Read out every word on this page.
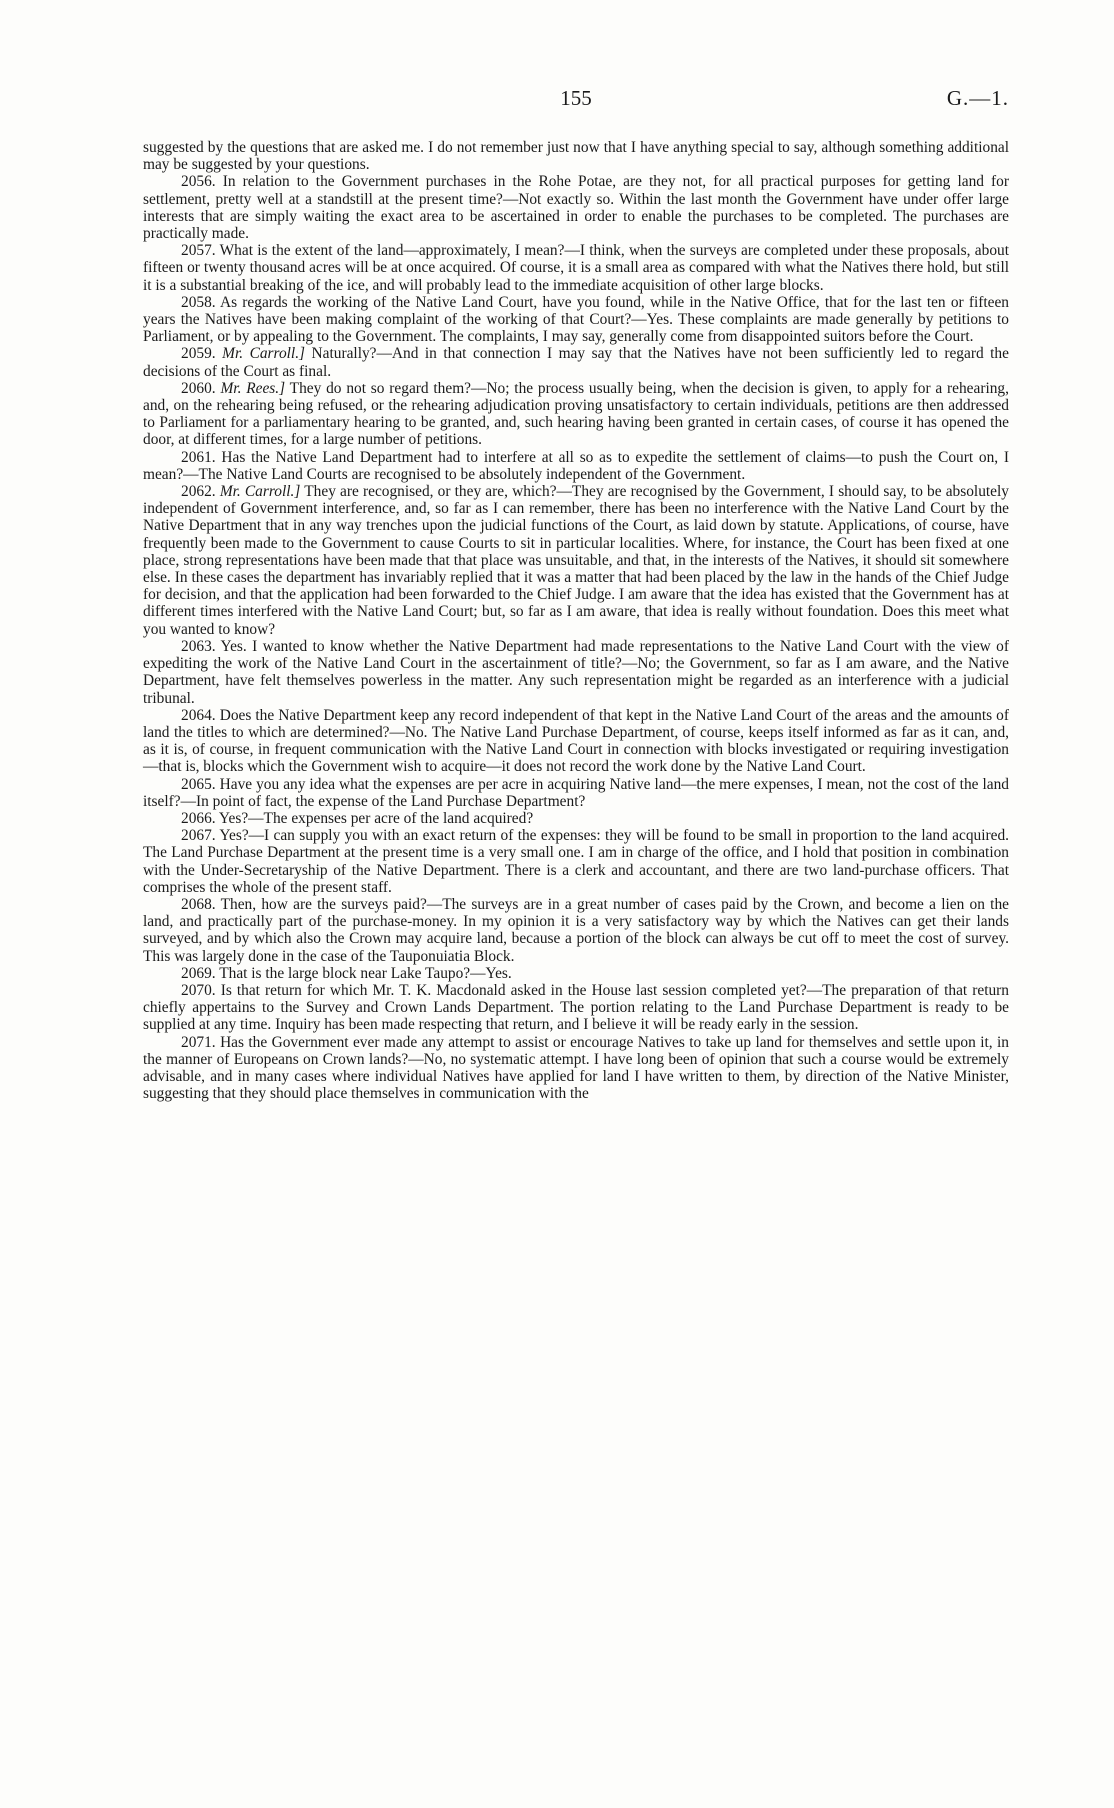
155	G.—1.

suggested by the questions that are asked me. I do not remember just now that I have anything special to say, although something additional may be suggested by your questions.

2056. In relation to the Government purchases in the Rohe Potae, are they not, for all practical purposes for getting land for settlement, pretty well at a standstill at the present time?—Not exactly so. Within the last month the Government have under offer large interests that are simply waiting the exact area to be ascertained in order to enable the purchases to be completed. The purchases are practically made.

2057. What is the extent of the land—approximately, I mean?—I think, when the surveys are completed under these proposals, about fifteen or twenty thousand acres will be at once acquired. Of course, it is a small area as compared with what the Natives there hold, but still it is a substantial breaking of the ice, and will probably lead to the immediate acquisition of other large blocks.

2058. As regards the working of the Native Land Court, have you found, while in the Native Office, that for the last ten or fifteen years the Natives have been making complaint of the working of that Court?—Yes. These complaints are made generally by petitions to Parliament, or by appealing to the Government. The complaints, I may say, generally come from disappointed suitors before the Court.

2059. Mr. Carroll.] Naturally?—And in that connection I may say that the Natives have not been sufficiently led to regard the decisions of the Court as final.

2060. Mr. Rees.] They do not so regard them?—No; the process usually being, when the decision is given, to apply for a rehearing, and, on the rehearing being refused, or the rehearing adjudication proving unsatisfactory to certain individuals, petitions are then addressed to Parliament for a parliamentary hearing to be granted, and, such hearing having been granted in certain cases, of course it has opened the door, at different times, for a large number of petitions.

2061. Has the Native Land Department had to interfere at all so as to expedite the settlement of claims—to push the Court on, I mean?—The Native Land Courts are recognised to be absolutely independent of the Government.

2062. Mr. Carroll.] They are recognised, or they are, which?—They are recognised by the Government, I should say, to be absolutely independent of Government interference, and, so far as I can remember, there has been no interference with the Native Land Court by the Native Department that in any way trenches upon the judicial functions of the Court, as laid down by statute. Applications, of course, have frequently been made to the Government to cause Courts to sit in particular localities. Where, for instance, the Court has been fixed at one place, strong representations have been made that that place was unsuitable, and that, in the interests of the Natives, it should sit somewhere else. In these cases the department has invariably replied that it was a matter that had been placed by the law in the hands of the Chief Judge for decision, and that the application had been forwarded to the Chief Judge. I am aware that the idea has existed that the Government has at different times interfered with the Native Land Court; but, so far as I am aware, that idea is really without foundation. Does this meet what you wanted to know?

2063. Yes. I wanted to know whether the Native Department had made representations to the Native Land Court with the view of expediting the work of the Native Land Court in the ascertainment of title?—No; the Government, so far as I am aware, and the Native Department, have felt themselves powerless in the matter. Any such representation might be regarded as an interference with a judicial tribunal.

2064. Does the Native Department keep any record independent of that kept in the Native Land Court of the areas and the amounts of land the titles to which are determined?—No. The Native Land Purchase Department, of course, keeps itself informed as far as it can, and, as it is, of course, in frequent communication with the Native Land Court in connection with blocks investigated or requiring investigation—that is, blocks which the Government wish to acquire—it does not record the work done by the Native Land Court.

2065. Have you any idea what the expenses are per acre in acquiring Native land—the mere expenses, I mean, not the cost of the land itself?—In point of fact, the expense of the Land Purchase Department?

2066. Yes?—The expenses per acre of the land acquired?

2067. Yes?—I can supply you with an exact return of the expenses: they will be found to be small in proportion to the land acquired. The Land Purchase Department at the present time is a very small one. I am in charge of the office, and I hold that position in combination with the Under-Secretaryship of the Native Department. There is a clerk and accountant, and there are two land-purchase officers. That comprises the whole of the present staff.

2068. Then, how are the surveys paid?—The surveys are in a great number of cases paid by the Crown, and become a lien on the land, and practically part of the purchase-money. In my opinion it is a very satisfactory way by which the Natives can get their lands surveyed, and by which also the Crown may acquire land, because a portion of the block can always be cut off to meet the cost of survey. This was largely done in the case of the Tauponuiatia Block.

2069. That is the large block near Lake Taupo?—Yes.

2070. Is that return for which Mr. T. K. Macdonald asked in the House last session completed yet?—The preparation of that return chiefly appertains to the Survey and Crown Lands Department. The portion relating to the Land Purchase Department is ready to be supplied at any time. Inquiry has been made respecting that return, and I believe it will be ready early in the session.

2071. Has the Government ever made any attempt to assist or encourage Natives to take up land for themselves and settle upon it, in the manner of Europeans on Crown lands?—No, no systematic attempt. I have long been of opinion that such a course would be extremely advisable, and in many cases where individual Natives have applied for land I have written to them, by direction of the Native Minister, suggesting that they should place themselves in communication with the
